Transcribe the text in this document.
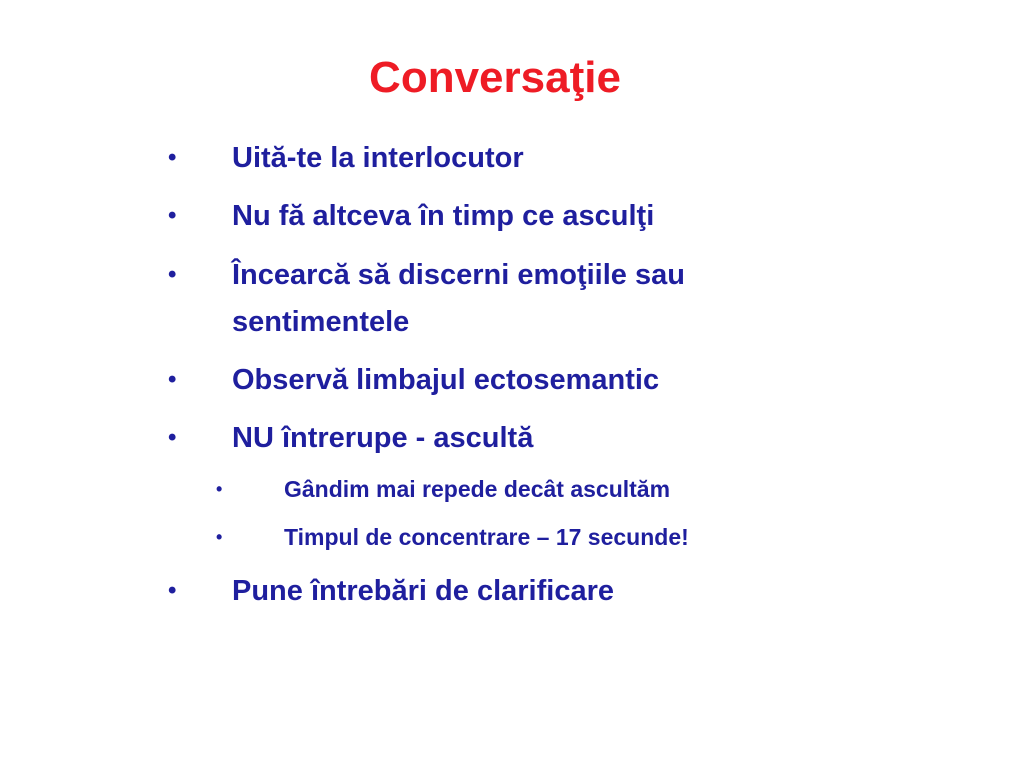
Conversaţie
• Uită-te la interlocutor
• Nu fă altceva în timp ce asculţi
• Încearcă să discerni emoţiile sau
sentimentele
• Observă limbajul ectosemantic
• NU întrerupe - ascultă
•	Gândim mai repede decât ascultăm
•	Timpul de concentrare – 17 secunde!
• Pune întrebări de clarificare
